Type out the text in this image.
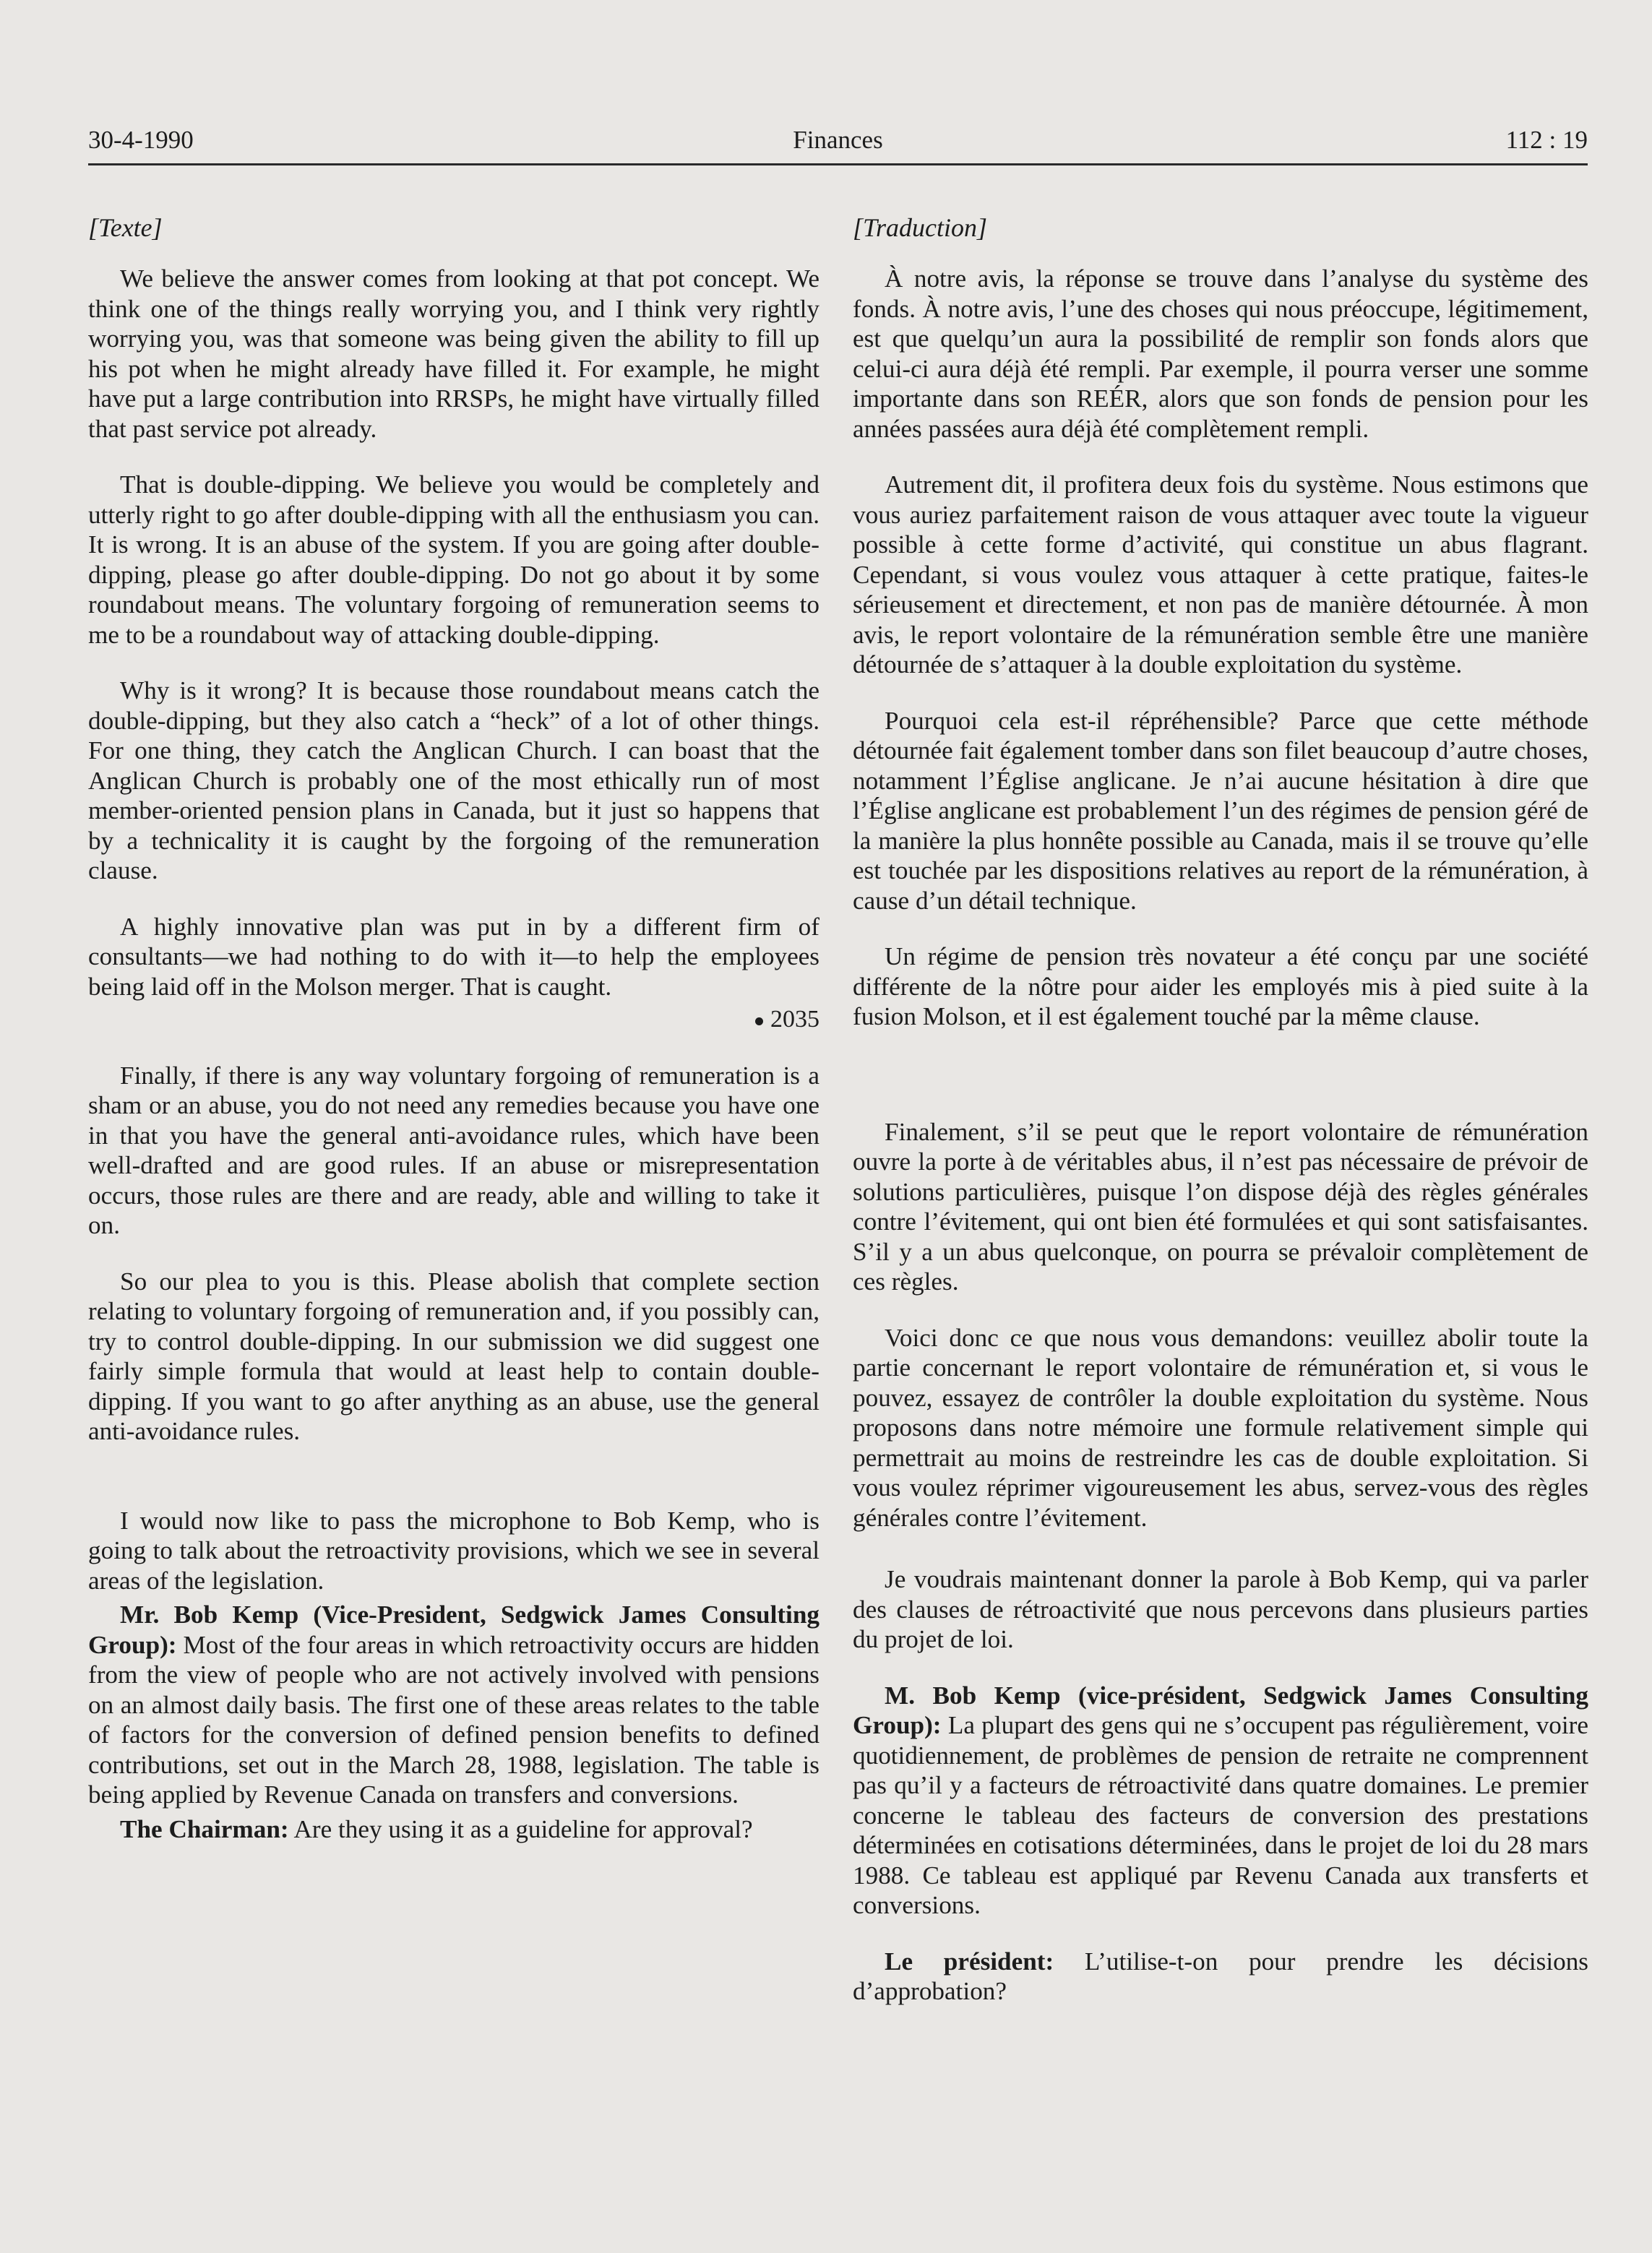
30-4-1990	Finances	112 : 19
[Texte]

We believe the answer comes from looking at that pot concept. We think one of the things really worrying you, and I think very rightly worrying you, was that someone was being given the ability to fill up his pot when he might already have filled it. For example, he might have put a large contribution into RRSPs, he might have virtually filled that past service pot already.

That is double-dipping. We believe you would be completely and utterly right to go after double-dipping with all the enthusiasm you can. It is wrong. It is an abuse of the system. If you are going after double-dipping, please go after double-dipping. Do not go about it by some roundabout means. The voluntary forgoing of remuneration seems to me to be a roundabout way of attacking double-dipping.

Why is it wrong? It is because those roundabout means catch the double-dipping, but they also catch a “heck” of a lot of other things. For one thing, they catch the Anglican Church. I can boast that the Anglican Church is probably one of the most ethically run of most member-oriented pension plans in Canada, but it just so happens that by a technicality it is caught by the forgoing of the remuneration clause.

A highly innovative plan was put in by a different firm of consultants—we had nothing to do with it—to help the employees being laid off in the Molson merger. That is caught.

2035

Finally, if there is any way voluntary forgoing of remuneration is a sham or an abuse, you do not need any remedies because you have one in that you have the general anti-avoidance rules, which have been well-drafted and are good rules. If an abuse or misrepresentation occurs, those rules are there and are ready, able and willing to take it on.

So our plea to you is this. Please abolish that complete section relating to voluntary forgoing of remuneration and, if you possibly can, try to control double-dipping. In our submission we did suggest one fairly simple formula that would at least help to contain double-dipping. If you want to go after anything as an abuse, use the general anti-avoidance rules.

I would now like to pass the microphone to Bob Kemp, who is going to talk about the retroactivity provisions, which we see in several areas of the legislation.

Mr. Bob Kemp (Vice-President, Sedgwick James Consulting Group): Most of the four areas in which retroactivity occurs are hidden from the view of people who are not actively involved with pensions on an almost daily basis. The first one of these areas relates to the table of factors for the conversion of defined pension benefits to defined contributions, set out in the March 28, 1988, legislation. The table is being applied by Revenue Canada on transfers and conversions.

The Chairman: Are they using it as a guideline for approval?

[Traduction]

À notre avis, la réponse se trouve dans l’analyse du système des fonds. À notre avis, l’une des choses qui nous préoccupe, légitimement, est que quelqu’un aura la possibilité de remplir son fonds alors que celui-ci aura déjà été rempli. Par exemple, il pourra verser une somme importante dans son REÉR, alors que son fonds de pension pour les années passées aura déjà été complètement rempli.

Autrement dit, il profitera deux fois du système. Nous estimons que vous auriez parfaitement raison de vous attaquer avec toute la vigueur possible à cette forme d’activité, qui constitue un abus flagrant. Cependant, si vous voulez vous attaquer à cette pratique, faites-le sérieusement et directement, et non pas de manière détournée. À mon avis, le report volontaire de la rémunération semble être une manière détournée de s’attaquer à la double exploitation du système.

Pourquoi cela est-il répréhensible? Parce que cette méthode détournée fait également tomber dans son filet beaucoup d’autre choses, notamment l’Église anglicane. Je n’ai aucune hésitation à dire que l’Église anglicane est probablement l’un des régimes de pension géré de la manière la plus honnête possible au Canada, mais il se trouve qu’elle est touchée par les dispositions relatives au report de la rémunération, à cause d’un détail technique.

Un régime de pension très novateur a été conçu par une société différente de la nôtre pour aider les employés mis à pied suite à la fusion Molson, et il est également touché par la même clause.

Finalement, s’il se peut que le report volontaire de rémunération ouvre la porte à de véritables abus, il n’est pas nécessaire de prévoir de solutions particulières, puisque l’on dispose déjà des règles générales contre l’évitement, qui ont bien été formulées et qui sont satisfaisantes. S’il y a un abus quelconque, on pourra se prévaloir complètement de ces règles.

Voici donc ce que nous vous demandons: veuillez abolir toute la partie concernant le report volontaire de rémunération et, si vous le pouvez, essayez de contrôler la double exploitation du système. Nous proposons dans notre mémoire une formule relativement simple qui permettrait au moins de restreindre les cas de double exploitation. Si vous voulez réprimer vigoureusement les abus, servez-vous des règles générales contre l’évitement.

Je voudrais maintenant donner la parole à Bob Kemp, qui va parler des clauses de rétroactivité que nous percevons dans plusieurs parties du projet de loi.

M. Bob Kemp (vice-président, Sedgwick James Consulting Group): La plupart des gens qui ne s’occupent pas régulièrement, voire quotidiennement, de problèmes de pension de retraite ne comprennent pas qu’il y a facteurs de rétroactivité dans quatre domaines. Le premier concerne le tableau des facteurs de conversion des prestations déterminées en cotisations déterminées, dans le projet de loi du 28 mars 1988. Ce tableau est appliqué par Revenu Canada aux transferts et conversions.

Le président: L’utilise-t-on pour prendre les décisions d’approbation?
